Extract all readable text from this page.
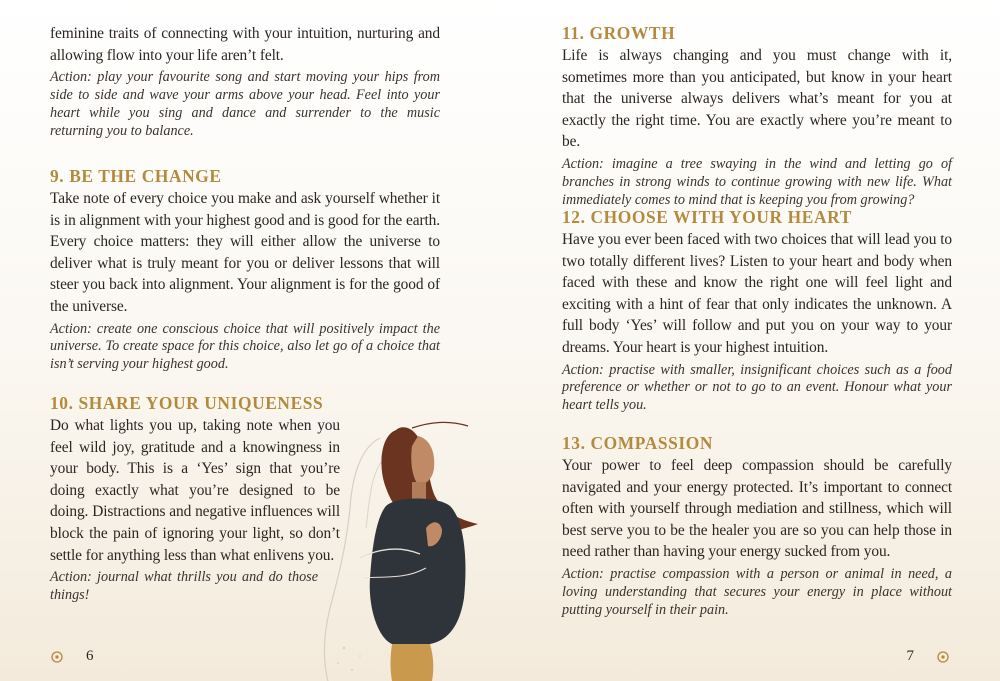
feminine traits of connecting with your intuition, nurturing and allowing flow into your life aren’t felt.

Action: play your favourite song and start moving your hips from side to side and wave your arms above your head. Feel into your heart while you sing and dance and surrender to the music returning you to balance.

9. BE THE CHANGE

Take note of every choice you make and ask yourself whether it is in alignment with your highest good and is good for the earth. Every choice matters: they will either allow the universe to deliver what is truly meant for you or deliver lessons that will steer you back into alignment. Your alignment is for the good of the universe.

Action: create one conscious choice that will positively impact the universe. To create space for this choice, also let go of a choice that isn’t serving your highest good.

10. SHARE YOUR UNIQUENESS

Do what lights you up, taking note when you feel wild joy, gratitude and a knowingness in your body. This is a ‘Yes’ sign that you’re doing exactly what you’re designed to be doing. Distractions and negative influences will block the pain of ignoring your light, so don’t settle for anything less than what enlivens you.

Action: journal what thrills you and do those things!

6
11. GROWTH

Life is always changing and you must change with it, sometimes more than you anticipated, but know in your heart that the universe always delivers what’s meant for you at exactly the right time. You are exactly where you’re meant to be.

Action: imagine a tree swaying in the wind and letting go of branches in strong winds to continue growing with new life. What immediately comes to mind that is keeping you from growing?

12. CHOOSE WITH YOUR HEART

Have you ever been faced with two choices that will lead you to two totally different lives? Listen to your heart and body when faced with these and know the right one will feel light and exciting with a hint of fear that only indicates the unknown. A full body ‘Yes’ will follow and put you on your way to your dreams. Your heart is your highest intuition.

Action: practise with smaller, insignificant choices such as a food preference or whether or not to go to an event. Honour what your heart tells you.

13. COMPASSION

Your power to feel deep compassion should be carefully navigated and your energy protected. It’s important to connect often with yourself through mediation and stillness, which will best serve you to be the healer you are so you can help those in need rather than having your energy sucked from you.

Action: practise compassion with a person or animal in need, a loving understanding that secures your energy in place without putting yourself in their pain.

7
